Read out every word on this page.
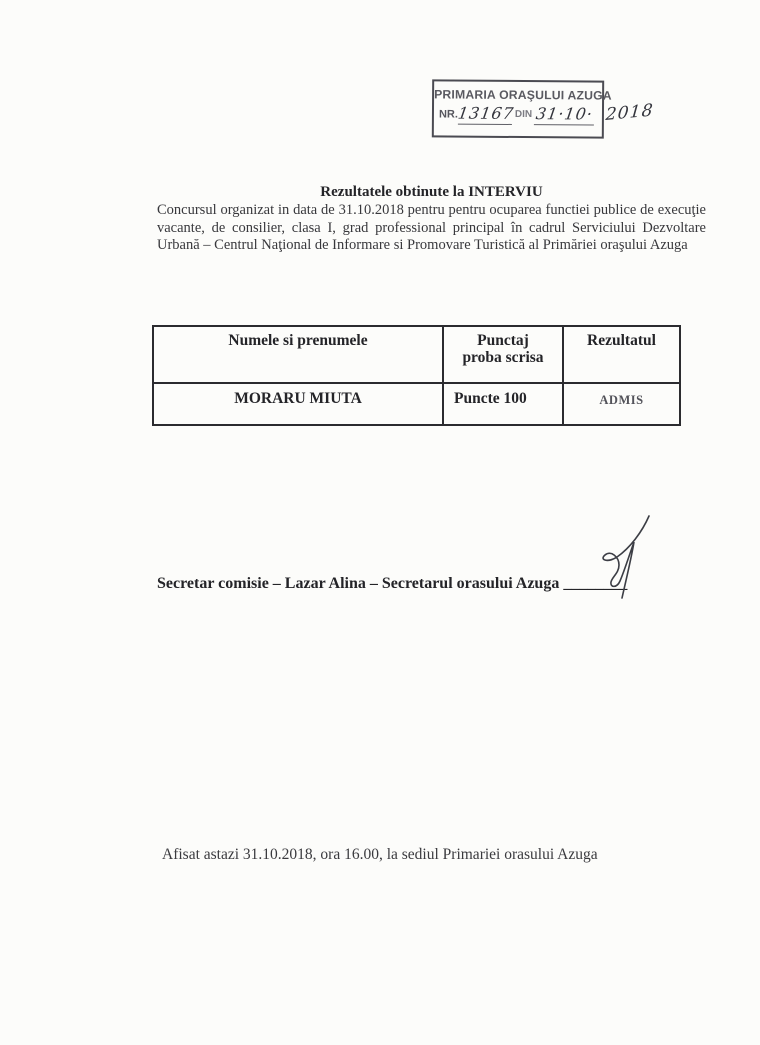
PRIMARIA ORAŞULUI AZUGA
NR.
13167 DIN 31·10· 2018
Rezultatele obtinute la INTERVIU
Concursul organizat in data de 31.10.2018 pentru pentru ocuparea functiei publice de execuţie
vacante, de consilier, clasa I, grad professional principal în cadrul Serviciului Dezvoltare
Urbană – Centrul Naţional de Informare si Promovare Turistică al Primăriei oraşului Azuga
Numele si prenumele	Punctaj proba scrisa	Rezultatul
MORARU MIUTA	Puncte 100	ADMIS
Secretar comisie – Lazar Alina – Secretarul orasului Azuga ________
Afisat astazi 31.10.2018, ora 16.00, la sediul Primariei orasului Azuga
